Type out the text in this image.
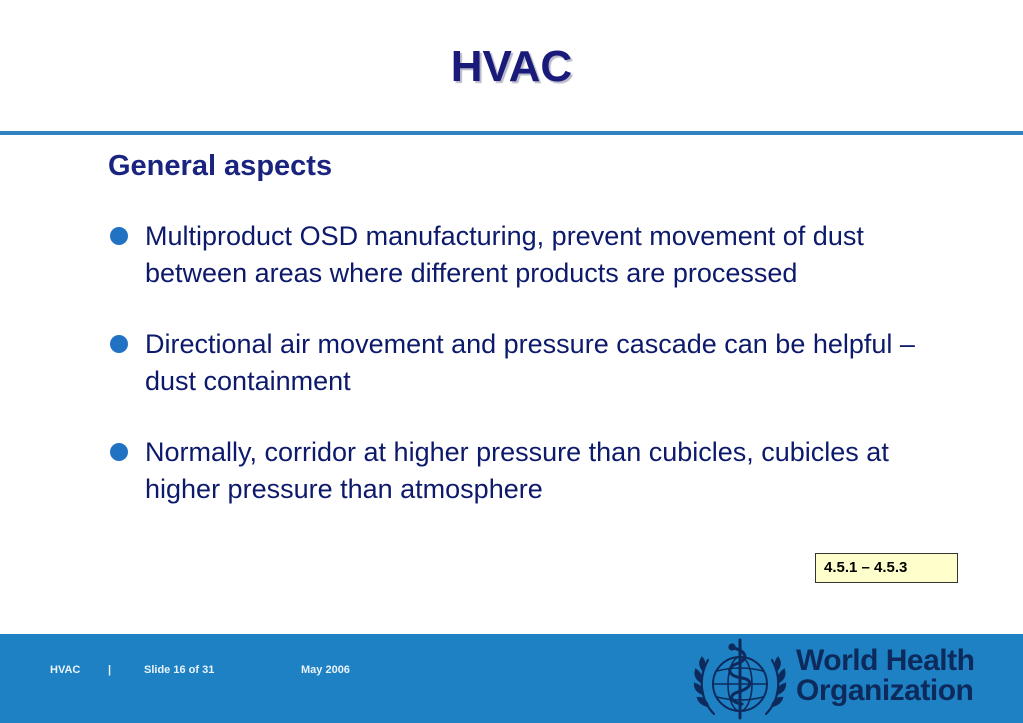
HVAC
General aspects
Multiproduct OSD manufacturing, prevent movement of dust between areas where different products are processed
Directional air movement and pressure cascade can be helpful – dust containment
Normally, corridor at higher pressure than cubicles, cubicles at higher pressure than atmosphere
4.5.1 – 4.5.3
HVAC	|	Slide 16 of 31	May 2006	World Health
Organization
